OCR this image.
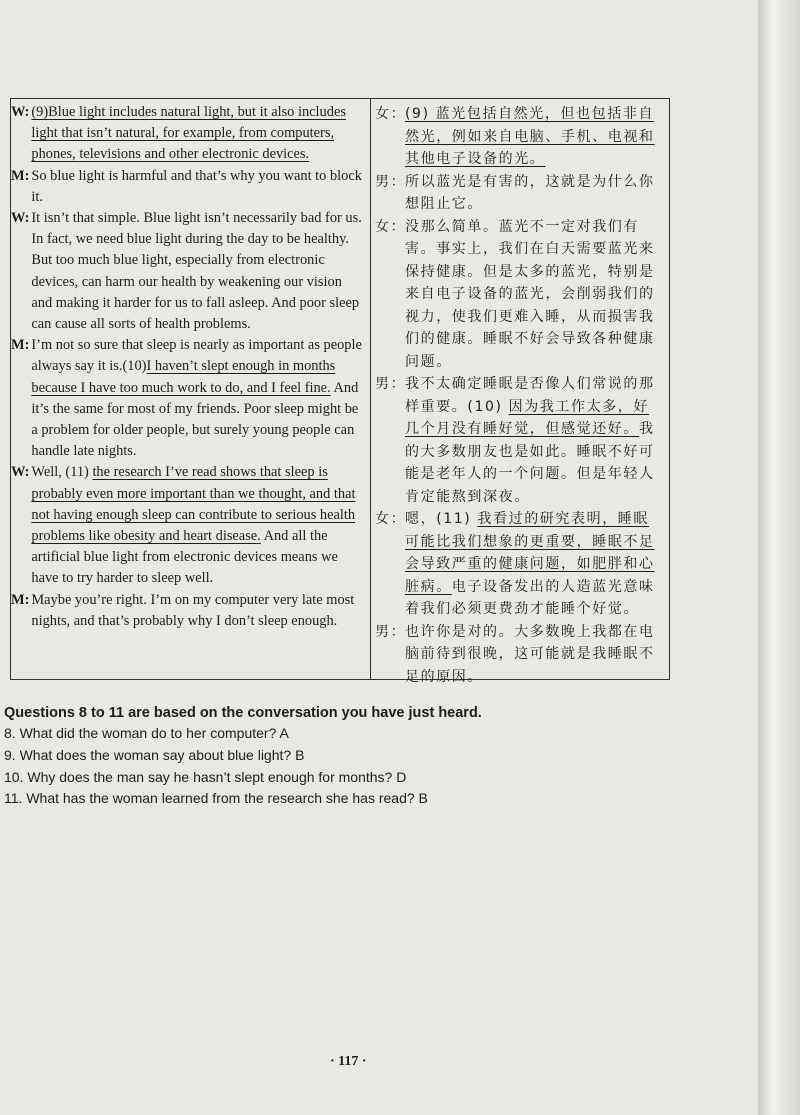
W: (9)Blue light includes natural light, but it also includes light that isn’t natural, for example, from computers, phones, televisions and other electronic devices.
M: So blue light is harmful and that’s why you want to block it.
W: It isn’t that simple. Blue light isn’t necessarily bad for us. In fact, we need blue light during the day to be healthy. But too much blue light, especially from electronic devices, can harm our health by weakening our vision and making it harder for us to fall asleep. And poor sleep can cause all sorts of health problems.
M: I’m not so sure that sleep is nearly as important as people always say it is.(10)I haven’t slept enough in months because I have too much work to do, and I feel fine. And it’s the same for most of my friends. Poor sleep might be a problem for older people, but surely young people can handle late nights.
W: Well, (11) the research I’ve read shows that sleep is probably even more important than we thought, and that not having enough sleep can contribute to serious health problems like obesity and heart disease. And all the artificial blue light from electronic devices means we have to try harder to sleep well.
M: Maybe you’re right. I’m on my computer very late most nights, and that’s probably why I don’t sleep enough.
女：
(9) 蓝光包括自然光，但也包括非自然光，例如来自电脑、手机、电视和其他电子设备的光。
男：
所以蓝光是有害的，这就是为什么你想阻止它。
女：
没那么简单。蓝光不一定对我们有害。事实上，我们在白天需要蓝光来保持健康。但是太多的蓝光，特别是来自电子设备的蓝光，会削弱我们的视力，使我们更难入睡，从而损害我们的健康。睡眠不好会导致各种健康问题。
男：
我不太确定睡眠是否像人们常说的那样重要。(10) 因为我工作太多，好几个月没有睡好觉，但感觉还好。我的大多数朋友也是如此。睡眠不好可能是老年人的一个问题。但是年轻人肯定能熬到深夜。
女：
嗯，(11) 我看过的研究表明，睡眠可能比我们想象的更重要，睡眠不足会导致严重的健康问题，如肥胖和心脏病。电子设备发出的人造蓝光意味着我们必须更费劲才能睡个好觉。
男：
也许你是对的。大多数晚上我都在电脑前待到很晚，这可能就是我睡眠不足的原因。
Questions 8 to 11 are based on the conversation you have just heard.
8. What did the woman do to her computer? A
9. What does the woman say about blue light? B
10. Why does the man say he hasn’t slept enough for months? D
11. What has the woman learned from the research she has read? B
· 117 ·
